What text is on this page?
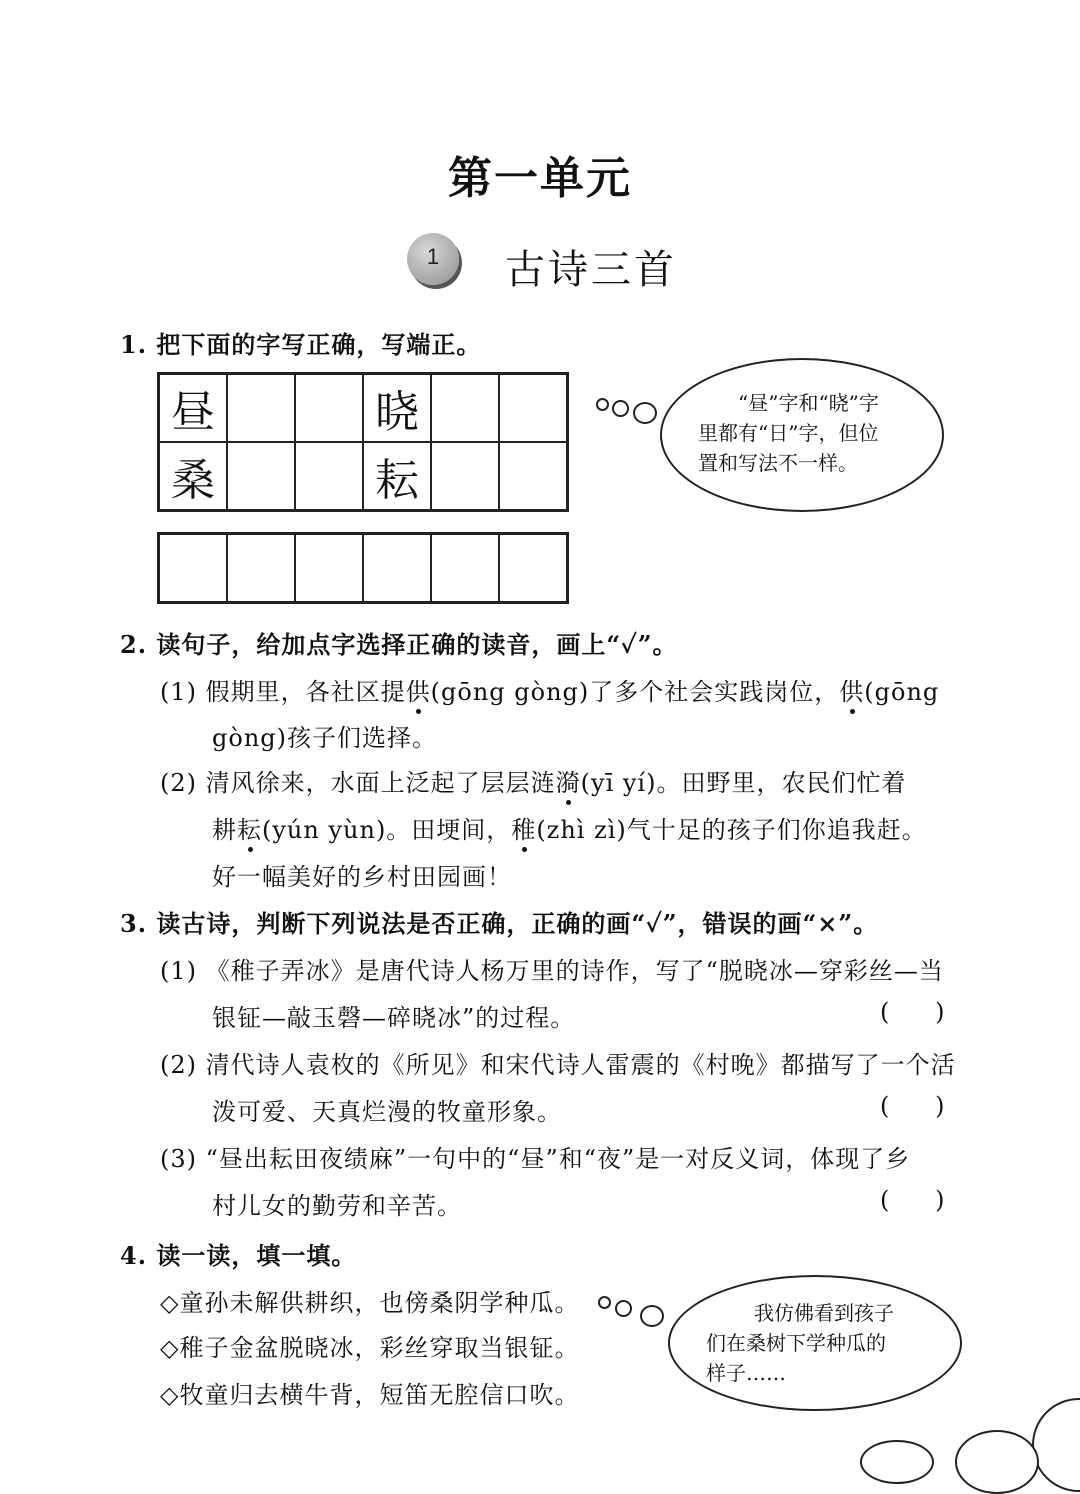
第一单元
1	古诗三首
1. 把下面的字写正确，写端正。
昼			晓		
桑			耘		

“昼”字和“晓”字
里都有“日”字，但位
置和写法不一样。
2. 读句子，给加点字选择正确的读音，画上“✓”。
(1) 假期里，各社区提供(gōng gòng)了多个社会实践岗位，供(gōng
gòng)孩子们选择。
(2) 清风徐来，水面上泛起了层层涟漪(yī yí)。田野里，农民们忙着
耕耘(yún yùn)。田埂间，稚(zhì zì)气十足的孩子们你追我赶。
好一幅美好的乡村田园画！
3. 读古诗，判断下列说法是否正确，正确的画“✓”，错误的画“×”。
(1) 《稚子弄冰》是唐代诗人杨万里的诗作，写了“脱晓冰—穿彩丝—当
银钲—敲玉磬—碎晓冰”的过程。	(      )
(2) 清代诗人袁枚的《所见》和宋代诗人雷震的《村晚》都描写了一个活
泼可爱、天真烂漫的牧童形象。	(      )
(3) “昼出耘田夜绩麻”一句中的“昼”和“夜”是一对反义词，体现了乡
村儿女的勤劳和辛苦。	(      )
4. 读一读，填一填。
◇童孙未解供耕织，也傍桑阴学种瓜。
◇稚子金盆脱晓冰，彩丝穿取当银钲。
◇牧童归去横牛背，短笛无腔信口吹。
我仿佛看到孩子
们在桑树下学种瓜的
样子……
